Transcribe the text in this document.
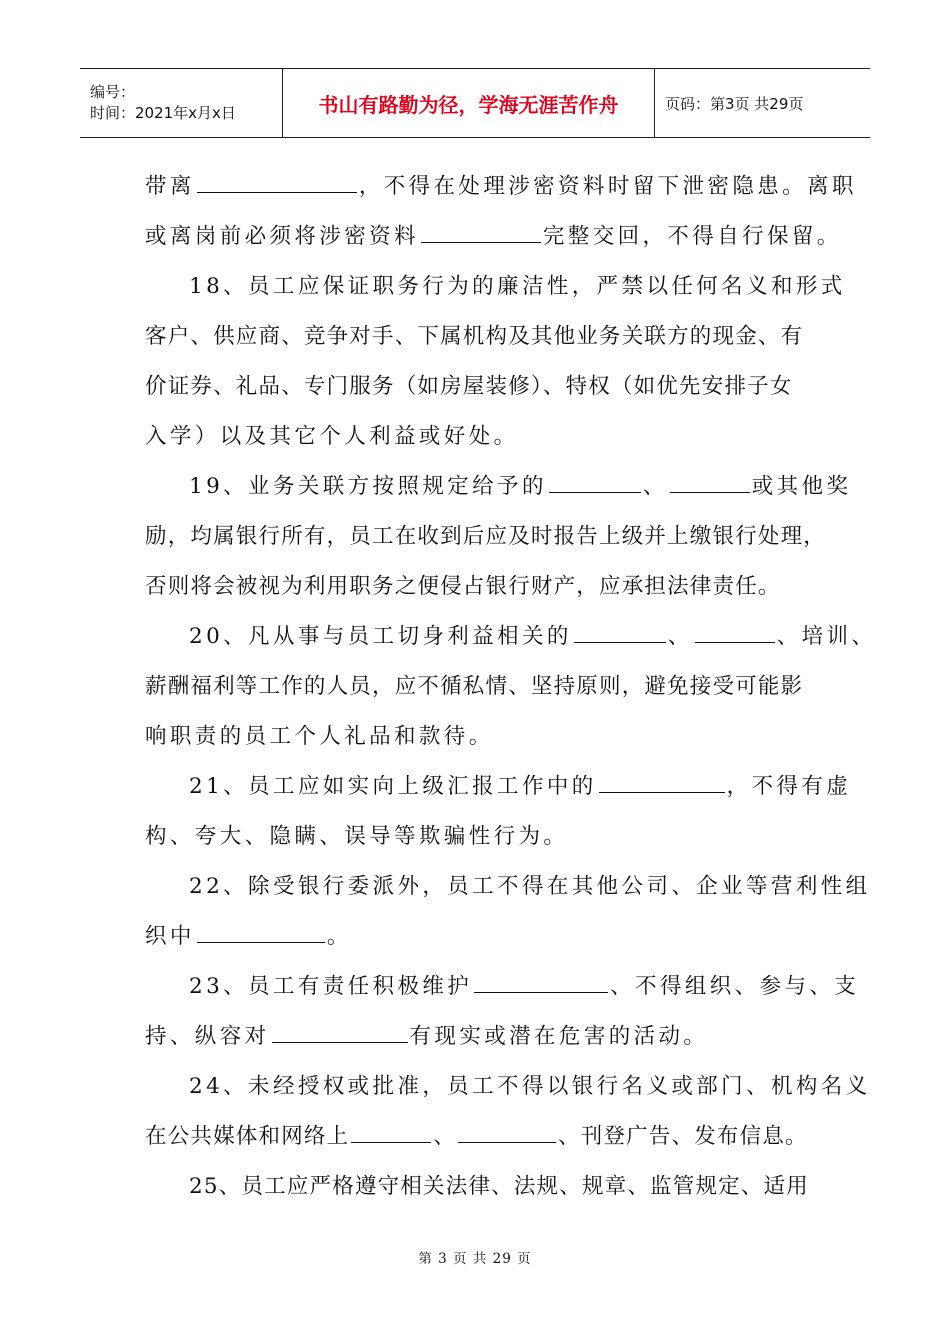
编号：
时间：2021年x月x日	书山有路勤为径，学海无涯苦作舟	页码：第3页 共29页
带离	，不得在处理涉密资料时留下泄密隐患。离职
或离岗前必须将涉密资料	完整交回，不得自行保留。
18、员工应保证职务行为的廉洁性，严禁以任何名义和形式
客户、供应商、竞争对手、下属机构及其他业务关联方的现金、有
价证券、礼品、专门服务（如房屋装修）、特权（如优先安排子女
入学）以及其它个人利益或好处。
19、业务关联方按照规定给予的	、	或其他奖
励，均属银行所有，员工在收到后应及时报告上级并上缴银行处理，
否则将会被视为利用职务之便侵占银行财产，应承担法律责任。
20、凡从事与员工切身利益相关的	、	、培训、
薪酬福利等工作的人员，应不循私情、坚持原则，避免接受可能影
响职责的员工个人礼品和款待。
21、员工应如实向上级汇报工作中的	，不得有虚
构、夸大、隐瞒、误导等欺骗性行为。
22、除受银行委派外，员工不得在其他公司、企业等营利性组
织中	。
23、员工有责任积极维护	、不得组织、参与、支
持、纵容对	有现实或潜在危害的活动。
24、未经授权或批准，员工不得以银行名义或部门、机构名义
在公共媒体和网络上	、	、刊登广告、发布信息。
25、员工应严格遵守相关法律、法规、规章、监管规定、适用
第 3 页 共 29 页
